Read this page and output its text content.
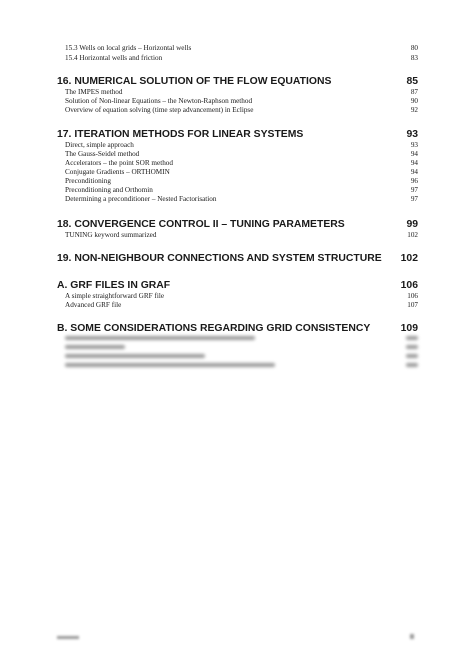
15.3 Wells on local grids – Horizontal wells	80
15.4 Horizontal wells and friction	83
16. NUMERICAL SOLUTION OF THE FLOW EQUATIONS	85
The IMPES method	87
Solution of Non-linear Equations – the Newton-Raphson method	90
Overview of equation solving (time step advancement) in Eclipse	92
17. ITERATION METHODS FOR LINEAR SYSTEMS	93
Direct, simple approach	93
The Gauss-Seidel method	94
Accelerators – the point SOR method	94
Conjugate Gradients – ORTHOMIN	94
Preconditioning	96
Preconditioning and Orthomin	97
Determining a preconditioner – Nested Factorisation	97
18. CONVERGENCE CONTROL II – TUNING PARAMETERS	99
TUNING keyword summarized	102
19. NON-NEIGHBOUR CONNECTIONS AND SYSTEM STRUCTURE 102
A. GRF FILES IN GRAF	106
A simple straightforward GRF file	106
Advanced GRF file	107
B. SOME CONSIDERATIONS REGARDING GRID CONSISTENCY	109
